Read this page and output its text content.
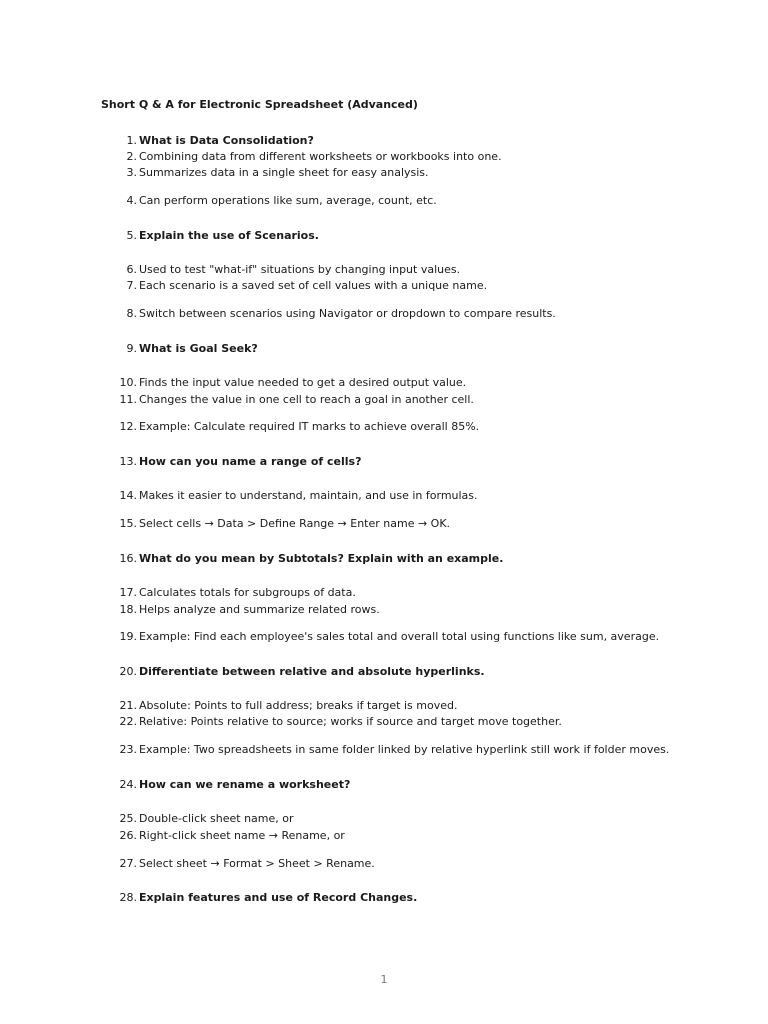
Short Q & A for Electronic Spreadsheet (Advanced)
1. What is Data Consolidation?
2. Combining data from different worksheets or workbooks into one.
3. Summarizes data in a single sheet for easy analysis.
4. Can perform operations like sum, average, count, etc.
5. Explain the use of Scenarios.
6. Used to test "what-if" situations by changing input values.
7. Each scenario is a saved set of cell values with a unique name.
8. Switch between scenarios using Navigator or dropdown to compare results.
9. What is Goal Seek?
10. Finds the input value needed to get a desired output value.
11. Changes the value in one cell to reach a goal in another cell.
12. Example: Calculate required IT marks to achieve overall 85%.
13. How can you name a range of cells?
14. Makes it easier to understand, maintain, and use in formulas.
15. Select cells → Data > Define Range → Enter name → OK.
16. What do you mean by Subtotals? Explain with an example.
17. Calculates totals for subgroups of data.
18. Helps analyze and summarize related rows.
19. Example: Find each employee's sales total and overall total using functions like sum, average.
20. Differentiate between relative and absolute hyperlinks.
21. Absolute: Points to full address; breaks if target is moved.
22. Relative: Points relative to source; works if source and target move together.
23. Example: Two spreadsheets in same folder linked by relative hyperlink still work if folder moves.
24. How can we rename a worksheet?
25. Double-click sheet name, or
26. Right-click sheet name → Rename, or
27. Select sheet → Format > Sheet > Rename.
28. Explain features and use of Record Changes.
1
